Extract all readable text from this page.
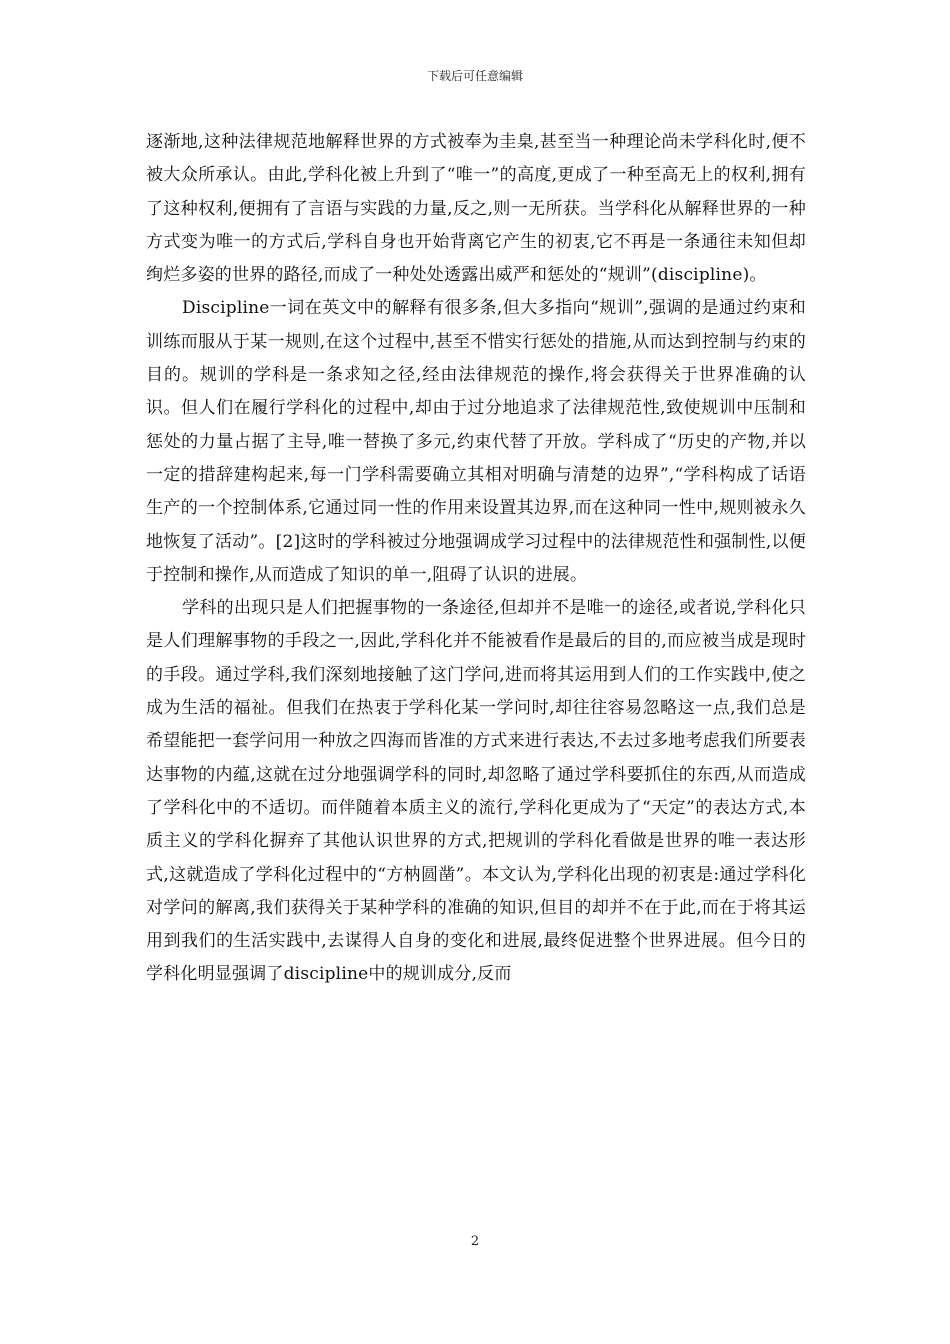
下载后可任意编辑

逐渐地,这种法律规范地解释世界的方式被奉为圭臬,甚至当一种理论尚未学科化时,便不被大众所承认。由此,学科化被上升到了“唯一”的高度,更成了一种至高无上的权利,拥有了这种权利,便拥有了言语与实践的力量,反之,则一无所获。当学科化从解释世界的一种方式变为唯一的方式后,学科自身也开始背离它产生的初衷,它不再是一条通往未知但却绚烂多姿的世界的路径,而成了一种处处透露出威严和惩处的“规训”(discipline)。

Discipline一词在英文中的解释有很多条,但大多指向“规训”,强调的是通过约束和训练而服从于某一规则,在这个过程中,甚至不惜实行惩处的措施,从而达到控制与约束的目的。规训的学科是一条求知之径,经由法律规范的操作,将会获得关于世界准确的认识。但人们在履行学科化的过程中,却由于过分地追求了法律规范性,致使规训中压制和惩处的力量占据了主导,唯一替换了多元,约束代替了开放。学科成了“历史的产物,并以一定的措辞建构起来,每一门学科需要确立其相对明确与清楚的边界”,“学科构成了话语生产的一个控制体系,它通过同一性的作用来设置其边界,而在这种同一性中,规则被永久地恢复了活动”。[2]这时的学科被过分地强调成学习过程中的法律规范性和强制性,以便于控制和操作,从而造成了知识的单一,阻碍了认识的进展。

学科的出现只是人们把握事物的一条途径,但却并不是唯一的途径,或者说,学科化只是人们理解事物的手段之一,因此,学科化并不能被看作是最后的目的,而应被当成是现时的手段。通过学科,我们深刻地接触了这门学问,进而将其运用到人们的工作实践中,使之成为生活的福祉。但我们在热衷于学科化某一学问时,却往往容易忽略这一点,我们总是希望能把一套学问用一种放之四海而皆准的方式来进行表达,不去过多地考虑我们所要表达事物的内蕴,这就在过分地强调学科的同时,却忽略了通过学科要抓住的东西,从而造成了学科化中的不适切。而伴随着本质主义的流行,学科化更成为了“天定”的表达方式,本质主义的学科化摒弃了其他认识世界的方式,把规训的学科化看做是世界的唯一表达形式,这就造成了学科化过程中的“方枘圆凿”。本文认为,学科化出现的初衷是:通过学科化对学问的解离,我们获得关于某种学科的准确的知识,但目的却并不在于此,而在于将其运用到我们的生活实践中,去谋得人自身的变化和进展,最终促进整个世界进展。但今日的学科化明显强调了discipline中的规训成分,反而

2
